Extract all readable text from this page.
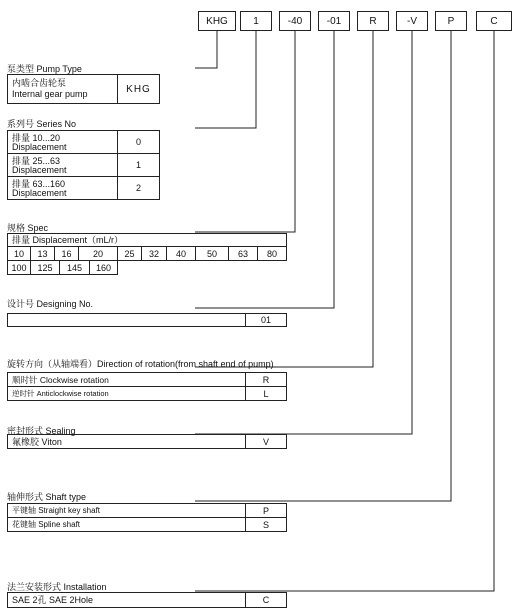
KHG	1	-40	-01	R	-V	P	C
泵类型 Pump Type
内啮合齿轮泵
Internal gear pump	KHG
系列号 Series No
排量 10...20
Displacement	0
排量 25...63
Displacement	1
排量 63...160
Displacement	2
规格 Spec
排量 Displacement（mL/r）
10	13	16	20	25	32	40	50	63	80
100	125	145	160
设计号 Designing No.
01
旋转方向（从轴端看）Direction of rotation(from shaft end of pump)
顺时针 Clockwise rotation	R
逆时针 Anticlockwise rotation	L
密封形式 Sealing
氟橡胶 Viton	V
轴伸形式 Shaft type
平键轴 Straight key shaft	P
花键轴 Spline shaft	S
法兰安装形式 Installation
SAE 2孔 SAE 2Hole	C
